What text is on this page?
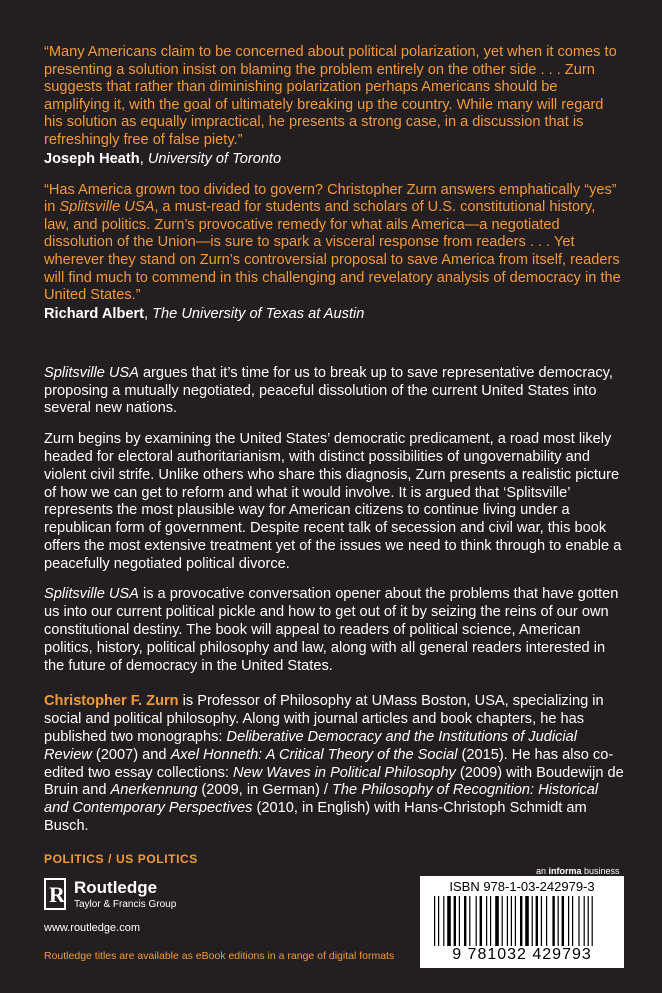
“Many Americans claim to be concerned about political polarization, yet when it comes to presenting a solution insist on blaming the problem entirely on the other side . . . Zurn suggests that rather than diminishing polarization perhaps Americans should be amplifying it, with the goal of ultimately breaking up the country. While many will regard his solution as equally impractical, he presents a strong case, in a discussion that is refreshingly free of false piety.”

Joseph Heath, University of Toronto

“Has America grown too divided to govern? Christopher Zurn answers emphatically “yes” in Splitsville USA, a must-read for students and scholars of U.S. constitutional history, law, and politics. Zurn’s provocative remedy for what ails America—a negotiated dissolution of the Union—is sure to spark a visceral response from readers . . . Yet wherever they stand on Zurn’s controversial proposal to save America from itself, readers will find much to commend in this challenging and revelatory analysis of democracy in the United States.”

Richard Albert, The University of Texas at Austin

Splitsville USA argues that it’s time for us to break up to save representative democracy, proposing a mutually negotiated, peaceful dissolution of the current United States into several new nations.

Zurn begins by examining the United States’ democratic predicament, a road most likely headed for electoral authoritarianism, with distinct possibilities of ungovernability and violent civil strife. Unlike others who share this diagnosis, Zurn presents a realistic picture of how we can get to reform and what it would involve. It is argued that ‘Splitsville’ represents the most plausible way for American citizens to continue living under a republican form of government. Despite recent talk of secession and civil war, this book offers the most extensive treatment yet of the issues we need to think through to enable a peacefully negotiated political divorce.

Splitsville USA is a provocative conversation opener about the problems that have gotten us into our current political pickle and how to get out of it by seizing the reins of our own constitutional destiny. The book will appeal to readers of political science, American politics, history, political philosophy and law, along with all general readers interested in the future of democracy in the United States.

Christopher F. Zurn is Professor of Philosophy at UMass Boston, USA, specializing in social and political philosophy. Along with journal articles and book chapters, he has published two monographs: Deliberative Democracy and the Institutions of Judicial Review (2007) and Axel Honneth: A Critical Theory of the Social (2015). He has also co-edited two essay collections: New Waves in Political Philosophy (2009) with Boudewijn de Bruin and Anerkennung (2009, in German) / The Philosophy of Recognition: Historical and Contemporary Perspectives (2010, in English) with Hans-Christoph Schmidt am Busch.

POLITICS / US POLITICS
R Routledge
Taylor & Francis Group
www.routledge.com
Routledge titles are available as eBook editions in a range of digital formats
an informa business
ISBN 978-1-03-242979-3
9 781032 429793
